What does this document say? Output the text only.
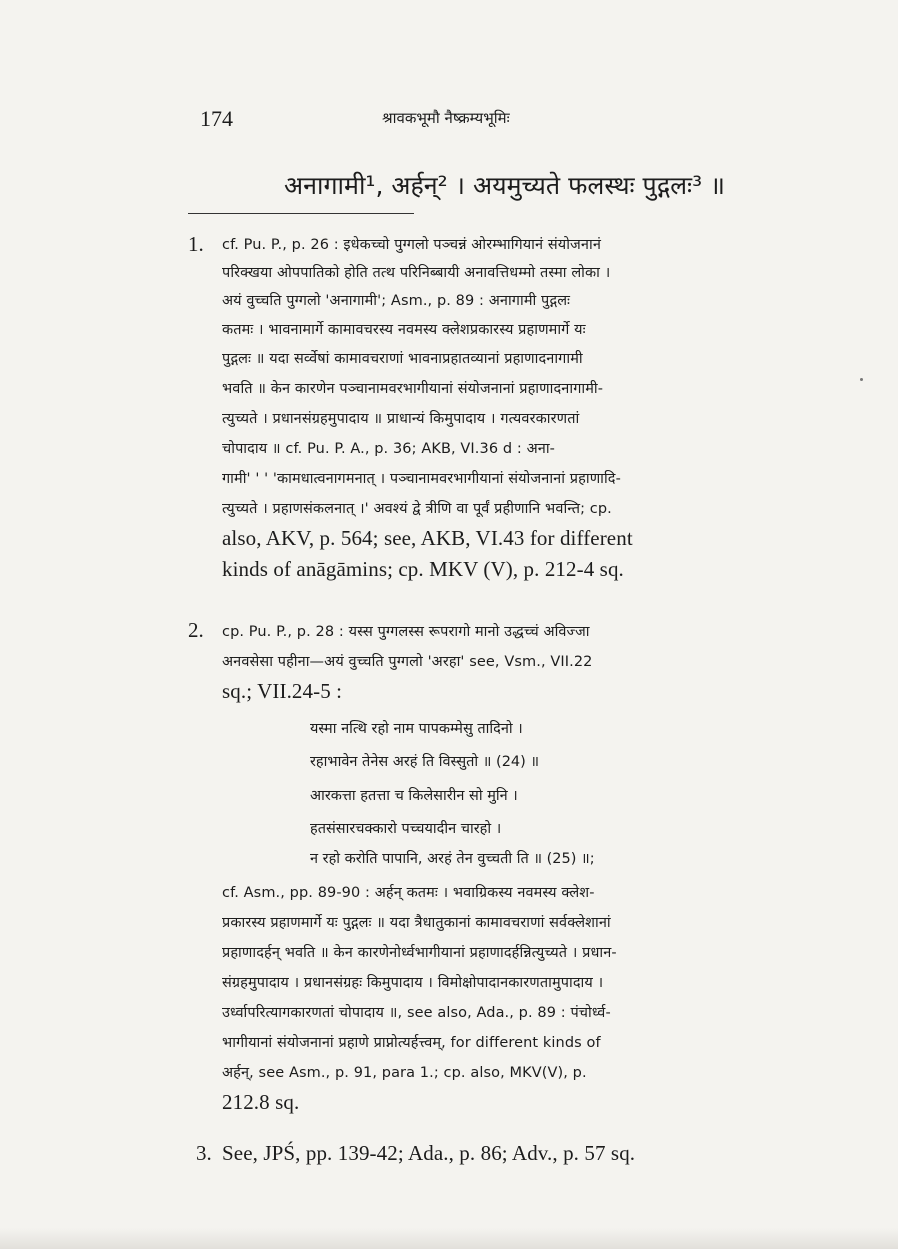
174	श्रावकभूमौ नैष्क्रम्यभूमिः
अनागामी¹, अर्हन्² । अयमुच्यते फलस्थः पुद्गलः³ ॥
1. cf. Pu. P., p. 26 : इधेकच्चो पुग्गलो पञ्चन्नं ओरम्भागियानं संयोजनानं
परिक्खया ओपपातिको होति तत्थ परिनिब्बायी अनावत्तिधम्मो तस्मा लोका ।
अयं वुच्चति पुग्गलो 'अनागामी'; Asm., p. 89 : अनागामी पुद्गलः
कतमः । भावनामार्गे कामावचरस्य नवमस्य क्लेशप्रकारस्य प्रहाणमार्गे यः
पुद्गलः ॥ यदा सर्व्वेषां कामावचराणां भावनाप्रहातव्यानां प्रहाणादनागामी
भवति ॥ केन कारणेन पञ्चानामवरभागीयानां संयोजनानां प्रहाणादनागामी-
त्युच्यते । प्रधानसंग्रहमुपादाय ॥ प्राधान्यं किमुपादाय । गत्यवरकारणतां
चोपादाय ॥ cf. Pu. P. A., p. 36; AKB, VI.36 d : अना-
गामी' ' ' 'कामधात्वनागमनात् । पञ्चानामवरभागीयानां संयोजनानां प्रहाणादि-
त्युच्यते । प्रहाणसंकलनात् ।' अवश्यं द्वे त्रीणि वा पूर्वं प्रहीणानि भवन्ति; cp.
also, AKV, p. 564; see, AKB, VI.43 for different
kinds of anāgāmins; cp. MKV (V), p. 212-4 sq.
2. cp. Pu. P., p. 28 : यस्स पुग्गलस्स रूपरागो मानो उद्धच्चं अविज्जा
अनवसेसा पहीना—अयं वुच्चति पुग्गलो 'अरहा' see, Vsm., VII.22
sq.; VII.24-5 :
यस्मा नत्थि रहो नाम पापकम्मेसु तादिनो ।
रहाभावेन तेनेस अरहं ति विस्सुतो ॥ (24) ॥
आरकत्ता हतत्ता च किलेसारीन सो मुनि ।
हतसंसारचक्कारो पच्चयादीन चारहो ।
न रहो करोति पापानि, अरहं तेन वुच्चती ति ॥ (25) ॥;
cf. Asm., pp. 89-90 : अर्हन् कतमः । भवाग्रिकस्य नवमस्य क्लेश-
प्रकारस्य प्रहाणमार्गे यः पुद्गलः ॥ यदा त्रैधातुकानां कामावचराणां सर्वक्लेशानां
प्रहाणादर्हन् भवति ॥ केन कारणेनोर्ध्वभागीयानां प्रहाणादर्हन्नित्युच्यते । प्रधान-
संग्रहमुपादाय । प्रधानसंग्रहः किमुपादाय । विमोक्षोपादानकारणतामुपादाय ।
उर्ध्वापरित्यागकारणतां चोपादाय ॥, see also, Ada., p. 89 : पंचोर्ध्व-
भागीयानां संयोजनानां प्रहाणे प्राप्नोत्यर्हत्त्वम्, for different kinds of
अर्हन्, see Asm., p. 91, para 1.; cp. also, MKV(V), p.
212.8 sq.
3. See, JPŚ, pp. 139-42; Ada., p. 86; Adv., p. 57 sq.
